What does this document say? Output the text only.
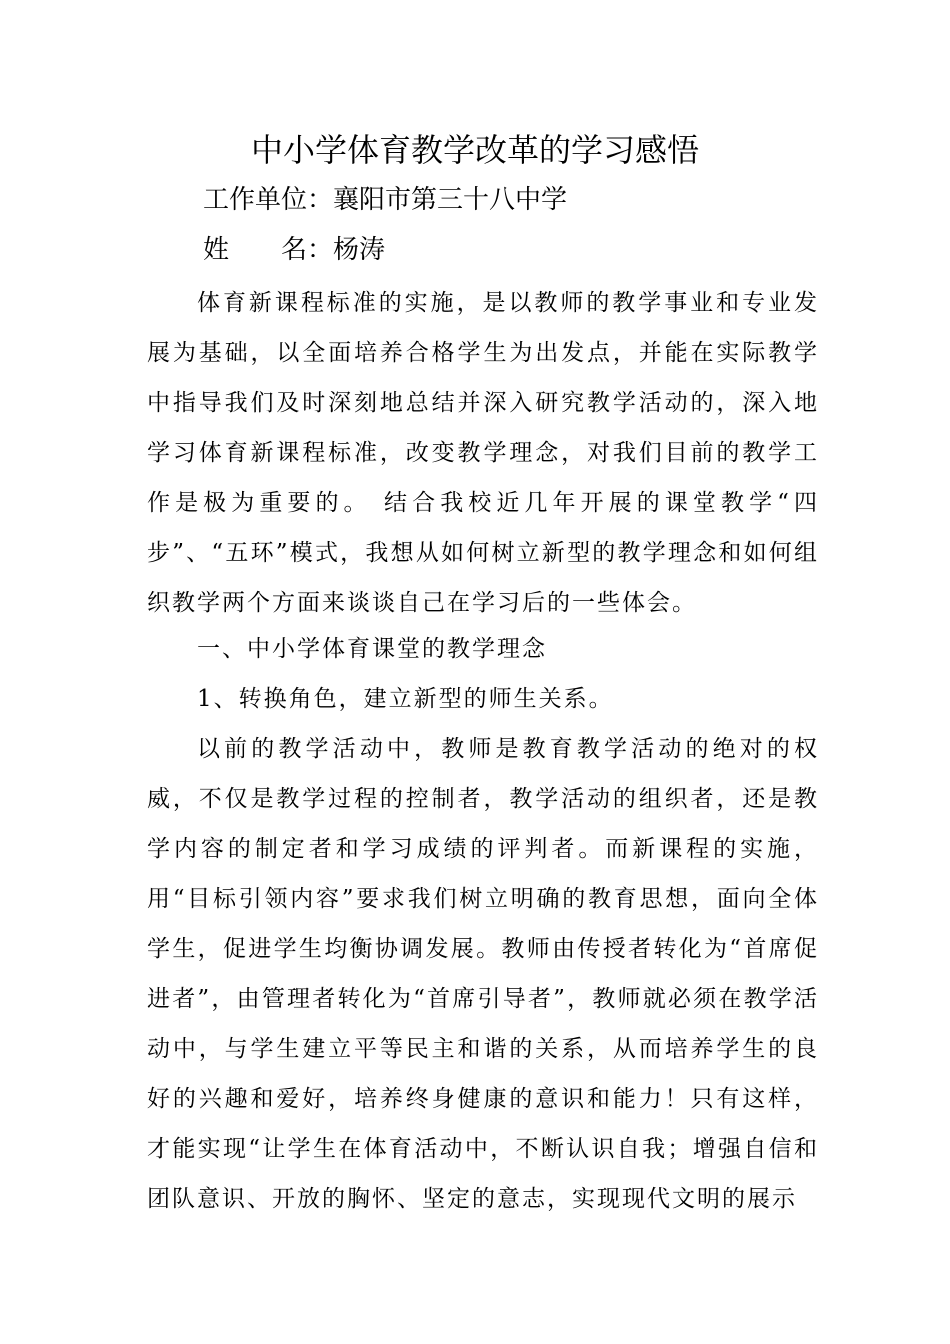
中小学体育教学改革的学习感悟
工作单位：襄阳市第三十八中学
姓 名：杨涛

体育新课程标准的实施，是以教师的教学事业和专业发展为基础，以全面培养合格学生为出发点，并能在实际教学中指导我们及时深刻地总结并深入研究教学活动的，深入地学习体育新课程标准，改变教学理念，对我们目前的教学工作是极为重要的。 结合我校近几年开展的课堂教学“四步”、“五环”模式，我想从如何树立新型的教学理念和如何组织教学两个方面来谈谈自己在学习后的一些体会。

一、中小学体育课堂的教学理念

1、转换角色，建立新型的师生关系。

以前的教学活动中，教师是教育教学活动的绝对的权威，不仅是教学过程的控制者，教学活动的组织者，还是教学内容的制定者和学习成绩的评判者。而新课程的实施，用“目标引领内容”要求我们树立明确的教育思想，面向全体学生，促进学生均衡协调发展。教师由传授者转化为“首席促进者”，由管理者转化为“首席引导者”，教师就必须在教学活动中，与学生建立平等民主和谐的关系，从而培养学生的良好的兴趣和爱好，培养终身健康的意识和能力！只有这样，才能实现“让学生在体育活动中，不断认识自我；增强自信和团队意识、开放的胸怀、坚定的意志，实现现代文明的展示
